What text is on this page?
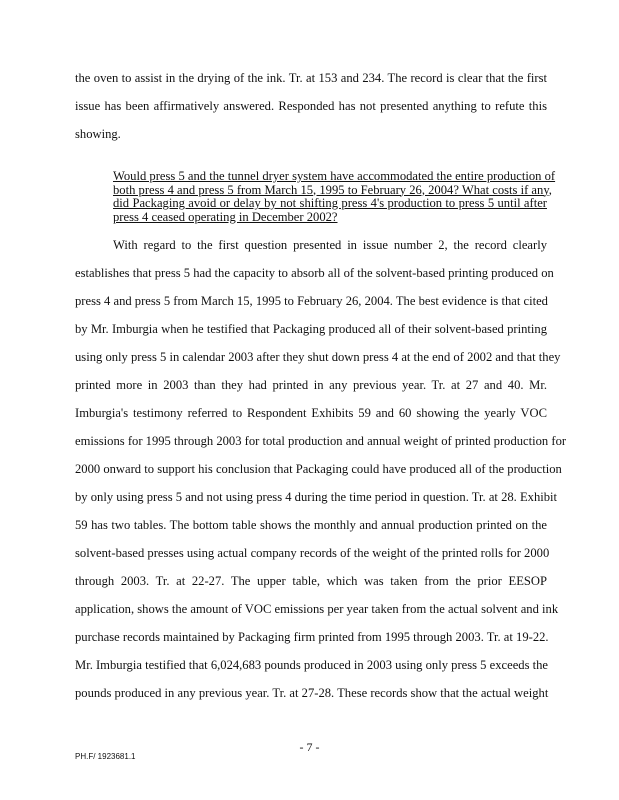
the oven to assist in the drying of the ink. Tr. at 153 and 234. The record is clear that the first
issue has been affirmatively answered. Responded has not presented anything to refute this
showing.
Would press 5 and the tunnel dryer system have accommodated the entire production of
both press 4 and press 5 from March 15, 1995 to February 26, 2004? What costs if any,
did Packaging avoid or delay by not shifting press 4's production to press 5 until after
press 4 ceased operating in December 2002?
With regard to the first question presented in issue number 2, the record clearly
establishes that press 5 had the capacity to absorb all of the solvent-based printing produced on
press 4 and press 5 from March 15, 1995 to February 26, 2004. The best evidence is that cited
by Mr. Imburgia when he testified that Packaging produced all of their solvent-based printing
using only press 5 in calendar 2003 after they shut down press 4 at the end of 2002 and that they
printed more in 2003 than they had printed in any previous year. Tr. at 27 and 40. Mr.
Imburgia's testimony referred to Respondent Exhibits 59 and 60 showing the yearly VOC
emissions for 1995 through 2003 for total production and annual weight of printed production for
2000 onward to support his conclusion that Packaging could have produced all of the production
by only using press 5 and not using press 4 during the time period in question. Tr. at 28. Exhibit
59 has two tables. The bottom table shows the monthly and annual production printed on the
solvent-based presses using actual company records of the weight of the printed rolls for 2000
through 2003. Tr. at 22-27. The upper table, which was taken from the prior EESOP
application, shows the amount of VOC emissions per year taken from the actual solvent and ink
purchase records maintained by Packaging firm printed from 1995 through 2003. Tr. at 19-22.
Mr. Imburgia testified that 6,024,683 pounds produced in 2003 using only press 5 exceeds the
pounds produced in any previous year. Tr. at 27-28. These records show that the actual weight
- 7 -
PH.F/ 1923681.1
